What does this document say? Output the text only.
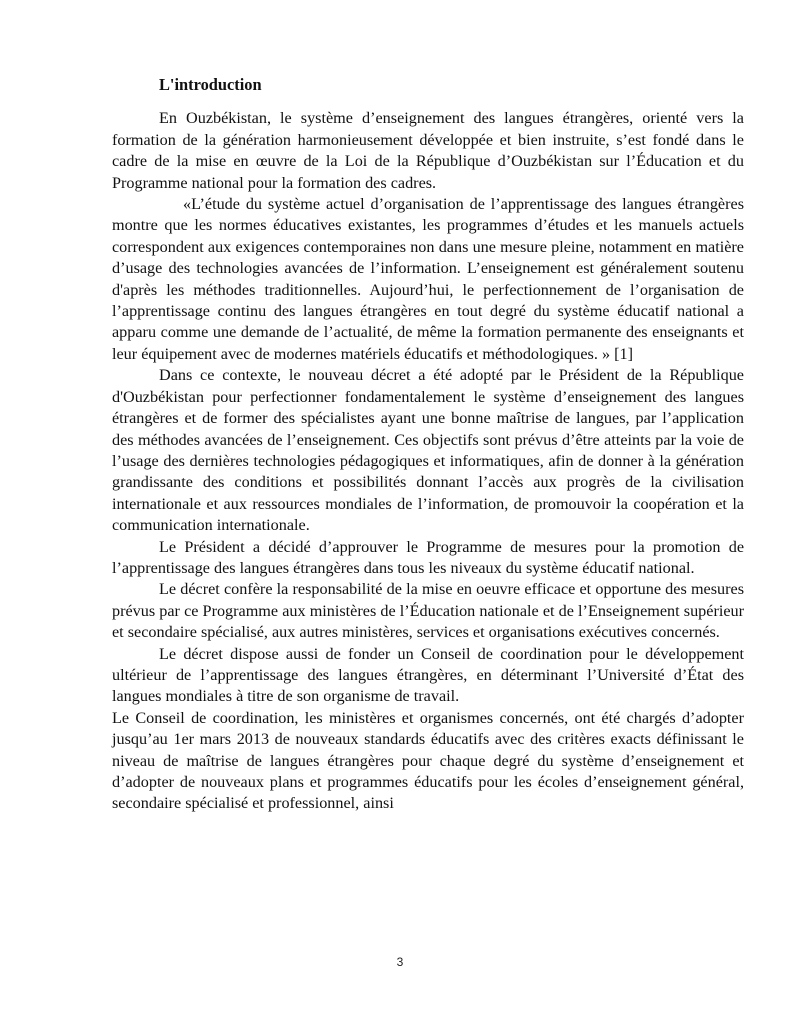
L'introduction

En Ouzbékistan, le système d’enseignement des langues étrangères, orienté vers la formation de la génération harmonieusement développée et bien instruite, s’est fondé dans le cadre de la mise en œuvre de la Loi de la République d’Ouzbékistan sur l’Éducation et du Programme national pour la formation des cadres.

«L’étude du système actuel d’organisation de l’apprentissage des langues étrangères montre que les normes éducatives existantes, les programmes d’études et les manuels actuels correspondent aux exigences contemporaines non dans une mesure pleine, notamment en matière d’usage des technologies avancées de l’information. L’enseignement est généralement soutenu d'après les méthodes traditionnelles. Aujourd’hui, le perfectionnement de l’organisation de l’apprentissage continu des langues étrangères en tout degré du système éducatif national a apparu comme une demande de l’actualité, de même la formation permanente des enseignants et leur équipement avec de modernes matériels éducatifs et méthodologiques. » [1]

Dans ce contexte, le nouveau décret a été adopté par le Président de la République d'Ouzbékistan pour perfectionner fondamentalement le système d’enseignement des langues étrangères et de former des spécialistes ayant une bonne maîtrise de langues, par l’application des méthodes avancées de l’enseignement. Ces objectifs sont prévus d’être atteints par la voie de l’usage des dernières technologies pédagogiques et informatiques, afin de donner à la génération grandissante des conditions et possibilités donnant l’accès aux progrès de la civilisation internationale et aux ressources mondiales de l’information, de promouvoir la coopération et la communication internationale.

Le Président a décidé d’approuver le Programme de mesures pour la promotion de l’apprentissage des langues étrangères dans tous les niveaux du système éducatif national.

Le décret confère la responsabilité de la mise en oeuvre efficace et opportune des mesures prévus par ce Programme aux ministères de l’Éducation nationale et de l’Enseignement supérieur et secondaire spécialisé, aux autres ministères, services et organisations exécutives concernés.

Le décret dispose aussi de fonder un Conseil de coordination pour le développement ultérieur de l’apprentissage des langues étrangères, en déterminant l’Université d’État des langues mondiales à titre de son organisme de travail.

Le Conseil de coordination, les ministères et organismes concernés, ont été chargés d’adopter jusqu’au 1er mars 2013 de nouveaux standards éducatifs avec des critères exacts définissant le niveau de maîtrise de langues étrangères pour chaque degré du système d’enseignement et d’adopter de nouveaux plans et programmes éducatifs pour les écoles d’enseignement général, secondaire spécialisé et professionnel, ainsi

3
